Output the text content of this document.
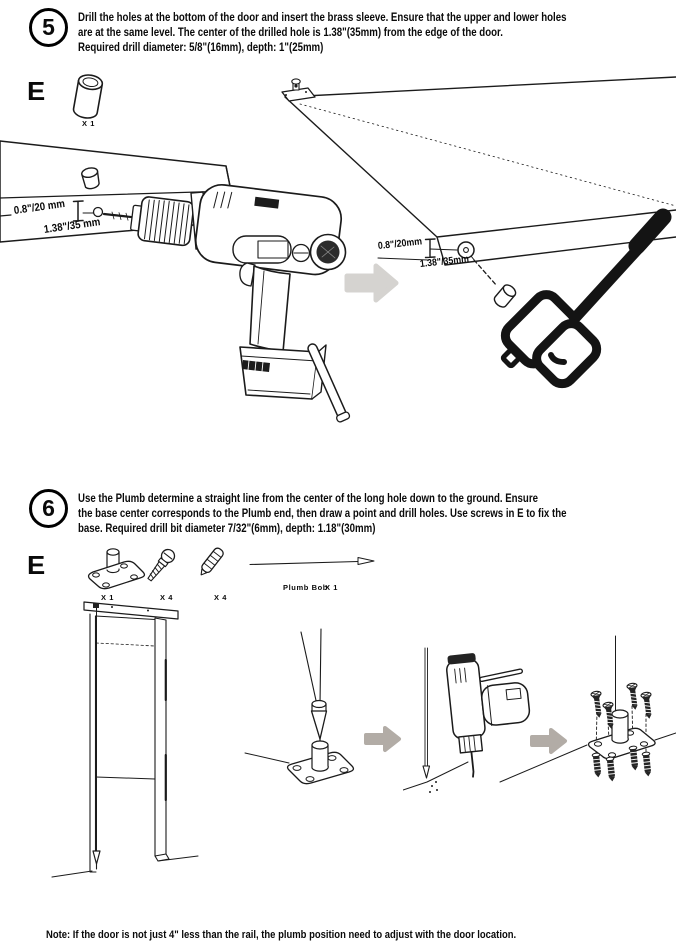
5 Drill the holes at the bottom of the door and insert the brass sleeve. Ensure that the upper and lower holes
are at the same level. The center of the drilled hole is 1.38"(35mm) from the edge of the door.
Required drill diameter: 5/8"(16mm), depth: 1"(25mm)
E
X 1
0.8"/20 mm
1.38"/35 mm
0.8"/20mm
1.38"/35mm
6 Use the Plumb determine a straight line from the center of the long hole down to the ground. Ensure
the base center corresponds to the Plumb end, then draw a point and drill holes. Use screws in E to fix the
base. Required drill bit diameter 7/32"(6mm), depth: 1.18"(30mm)
E
X 1	X 4	X 4
Plumb Bob
X 1
Note: If the door is not just 4" less than the rail, the plumb position need to adjust with the door location.
